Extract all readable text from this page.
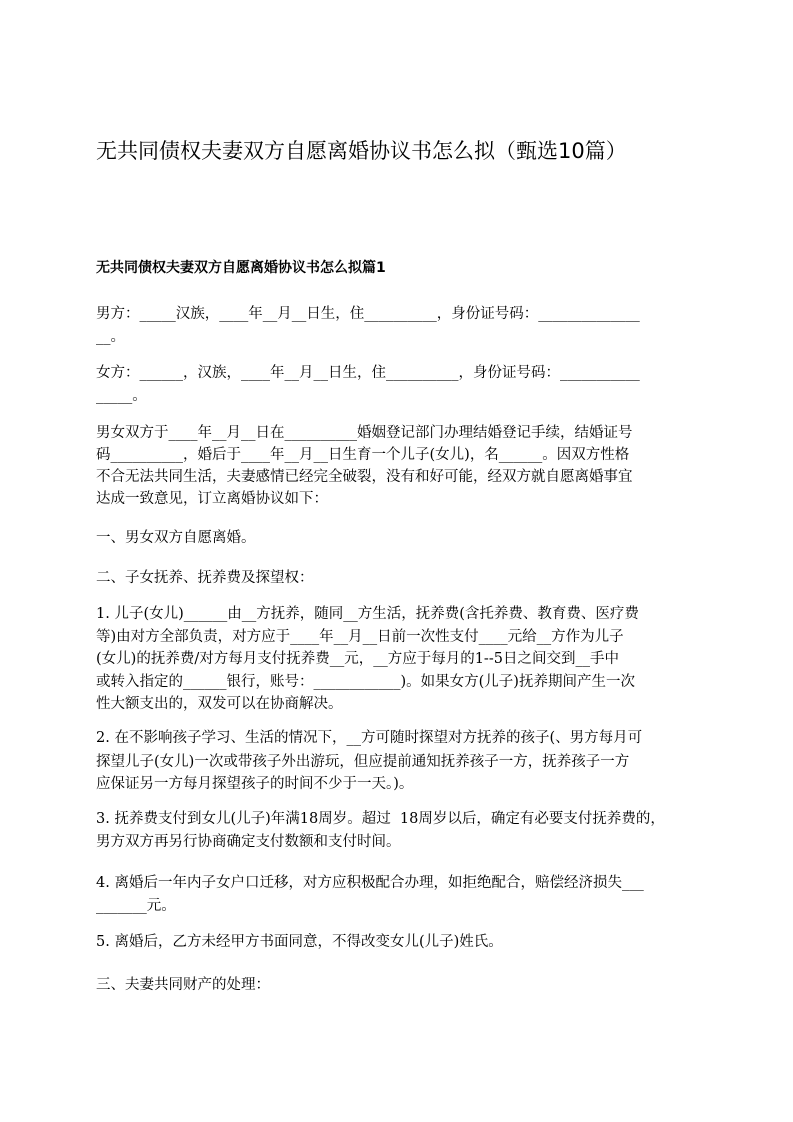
无共同债权夫妻双方自愿离婚协议书怎么拟（甄选10篇）
无共同债权夫妻双方自愿离婚协议书怎么拟篇1
男方：_____汉族，____年__月__日生，住__________，身份证号码：______________
__。
女方：______，汉族，____年__月__日生，住__________，身份证号码：___________
_____。
男女双方于____年__月__日在__________婚姻登记部门办理结婚登记手续，结婚证号
码__________，婚后于____年__月__日生育一个儿子(女儿)，名______。因双方性格
不合无法共同生活，夫妻感情已经完全破裂，没有和好可能，经双方就自愿离婚事宜
达成一致意见，订立离婚协议如下：
一、男女双方自愿离婚。
二、子女抚养、抚养费及探望权：
1. 儿子(女儿)______由__方抚养，随同__方生活，抚养费(含托养费、教育费、医疗费
等)由对方全部负责，对方应于____年__月__日前一次性支付____元给__方作为儿子
(女儿)的抚养费/对方每月支付抚养费__元，__方应于每月的1--5日之间交到__手中
或转入指定的______银行，账号：____________)。如果女方(儿子)抚养期间产生一次
性大额支出的，双发可以在协商解决。
2. 在不影响孩子学习、生活的情况下，__方可随时探望对方抚养的孩子(、男方每月可
探望儿子(女儿)一次或带孩子外出游玩，但应提前通知抚养孩子一方，抚养孩子一方
应保证另一方每月探望孩子的时间不少于一天。)。
3. 抚养费支付到女儿(儿子)年满18周岁。超过  18周岁以后，确定有必要支付抚养费的，
男方双方再另行协商确定支付数额和支付时间。
4. 离婚后一年内子女户口迁移，对方应积极配合办理，如拒绝配合，赔偿经济损失___
_______元。
5. 离婚后，乙方未经甲方书面同意，不得改变女儿(儿子)姓氏。
三、夫妻共同财产的处理：
